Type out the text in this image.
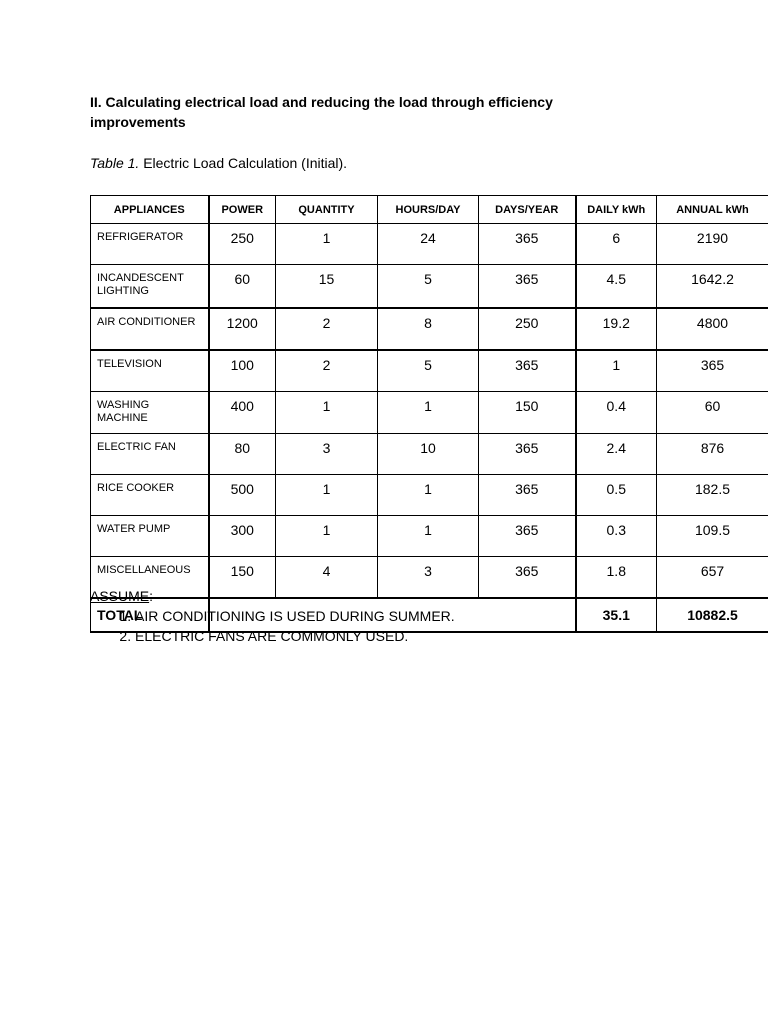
II. Calculating electrical load and reducing the load through efficiency improvements
Table 1. Electric Load Calculation (Initial).
APPLIANCES	POWER	QUANTITY	HOURS/DAY	DAYS/YEAR	DAILY kWh	ANNUAL kWh
REFRIGERATOR	250	1	24	365	6	2190
INCANDESCENT LIGHTING	60	15	5	365	4.5	1642.2
AIR CONDITIONER	1200	2	8	250	19.2	4800
TELEVISION	100	2	5	365	1	365
WASHING MACHINE	400	1	1	150	0.4	60
ELECTRIC FAN	80	3	10	365	2.4	876
RICE COOKER	500	1	1	365	0.5	182.5
WATER PUMP	300	1	1	365	0.3	109.5
MISCELLANEOUS	150	4	3	365	1.8	657
TOTAL					35.1	10882.5
ASSUME:
1. AIR CONDITIONING IS USED DURING SUMMER.
2. ELECTRIC FANS ARE COMMONLY USED.
